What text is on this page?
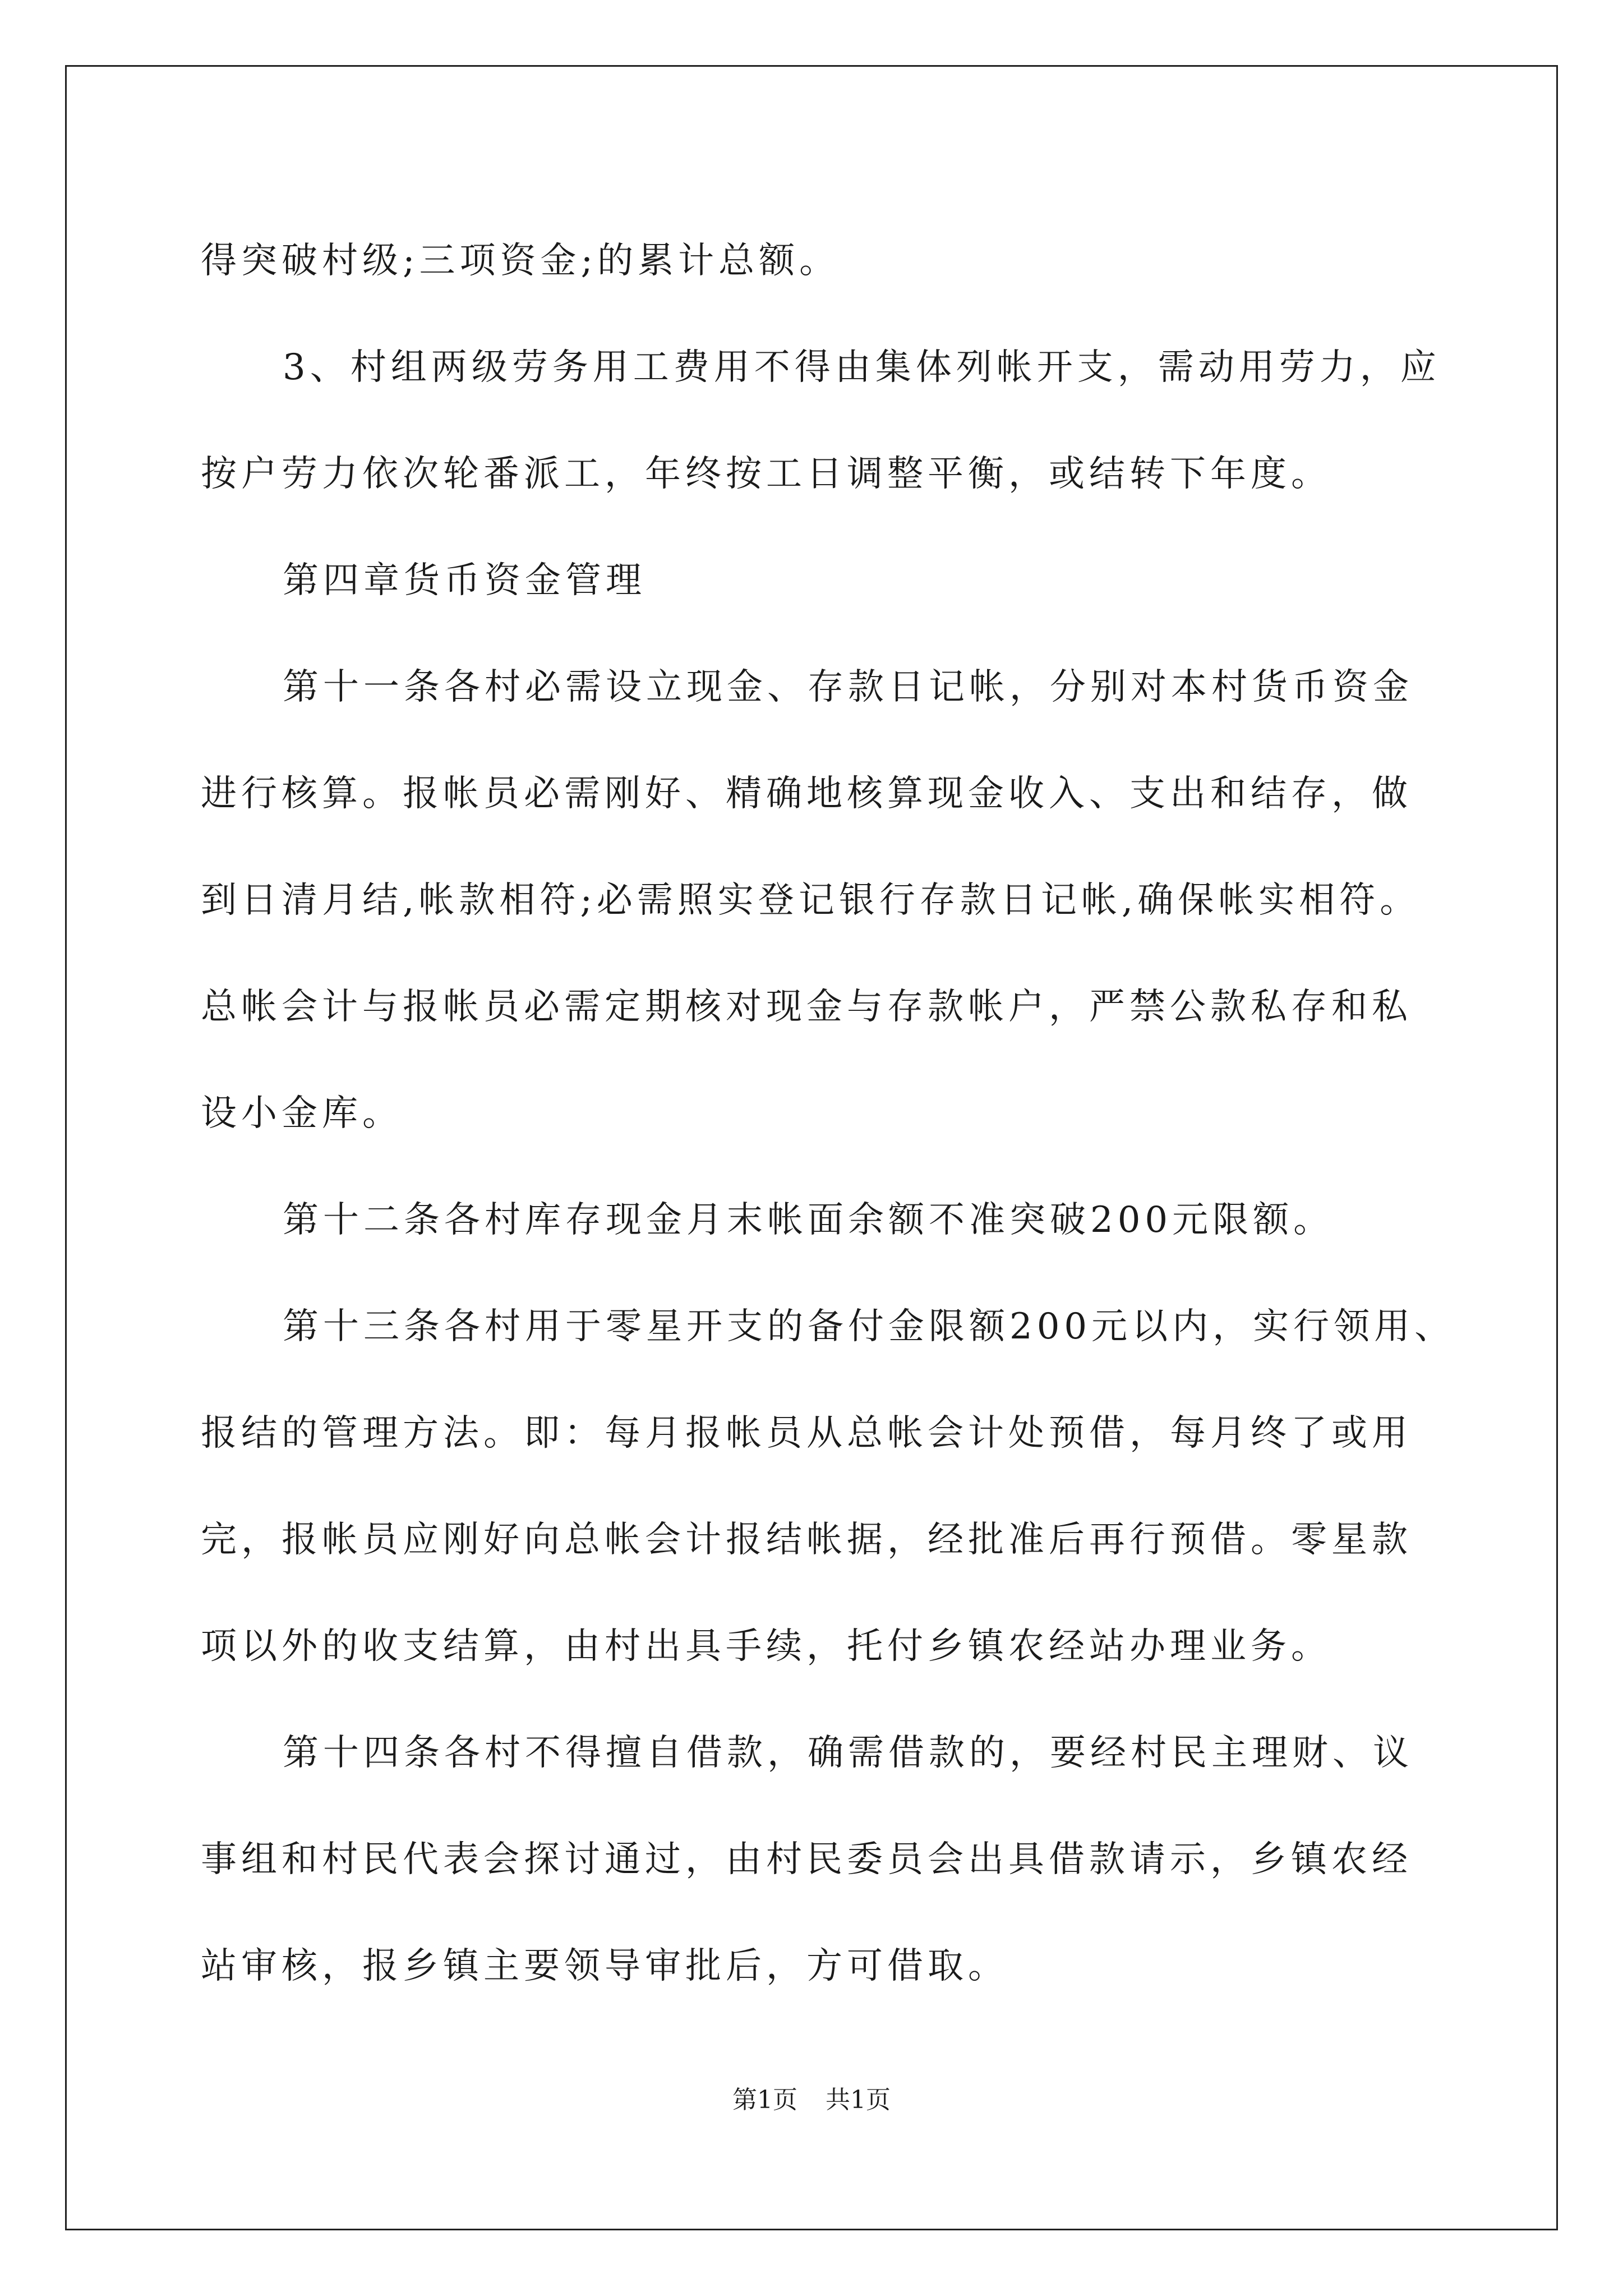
得突破村级;三项资金;的累计总额。

3、村组两级劳务用工费用不得由集体列帐开支，需动用劳力，应

按户劳力依次轮番派工，年终按工日调整平衡，或结转下年度。

第四章货币资金管理

第十一条各村必需设立现金、存款日记帐，分别对本村货币资金

进行核算。报帐员必需刚好、精确地核算现金收入、支出和结存，做

到日清月结,帐款相符;必需照实登记银行存款日记帐,确保帐实相符。

总帐会计与报帐员必需定期核对现金与存款帐户，严禁公款私存和私

设小金库。

第十二条各村库存现金月末帐面余额不准突破200元限额。

第十三条各村用于零星开支的备付金限额200元以内，实行领用、

报结的管理方法。即：每月报帐员从总帐会计处预借，每月终了或用

完，报帐员应刚好向总帐会计报结帐据，经批准后再行预借。零星款

项以外的收支结算，由村出具手续，托付乡镇农经站办理业务。

第十四条各村不得擅自借款，确需借款的，要经村民主理财、议

事组和村民代表会探讨通过，由村民委员会出具借款请示，乡镇农经

站审核，报乡镇主要领导审批后，方可借取。

第1页 共1页
